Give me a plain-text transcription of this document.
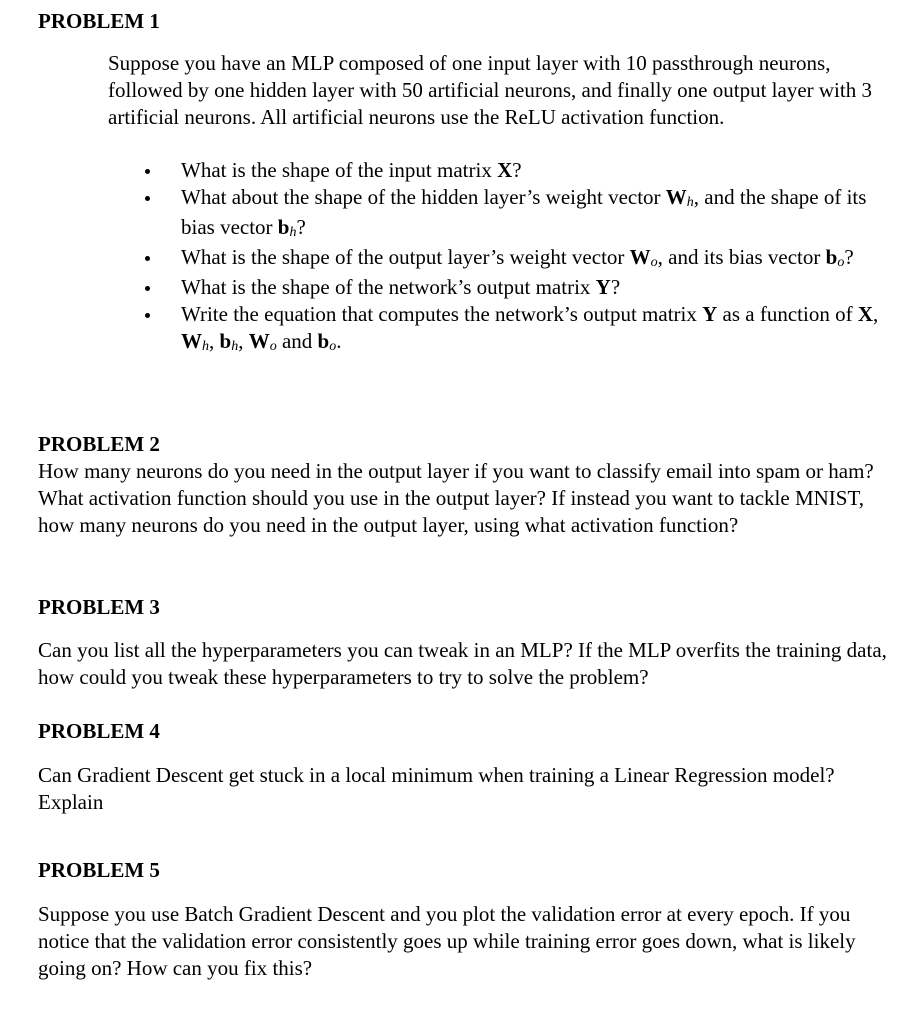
PROBLEM 1

Suppose you have an MLP composed of one input layer with 10 passthrough neurons, followed by one hidden layer with 50 artificial neurons, and finally one output layer with 3 artificial neurons. All artificial neurons use the ReLU activation function.

What is the shape of the input matrix X?
What about the shape of the hidden layer’s weight vector Wh, and the shape of its bias vector bh?
What is the shape of the output layer’s weight vector Wo, and its bias vector bo?
What is the shape of the network’s output matrix Y?
Write the equation that computes the network’s output matrix Y as a function of X, Wh, bh, Wo and bo.
PROBLEM 2

How many neurons do you need in the output layer if you want to classify email into spam or ham? What activation function should you use in the output layer? If instead you want to tackle MNIST, how many neurons do you need in the output layer, using what activation function?

PROBLEM 3

Can you list all the hyperparameters you can tweak in an MLP? If the MLP overfits the training data, how could you tweak these hyperparameters to try to solve the problem?

PROBLEM 4

Can Gradient Descent get stuck in a local minimum when training a Linear Regression model? Explain

PROBLEM 5

Suppose you use Batch Gradient Descent and you plot the validation error at every epoch. If you notice that the validation error consistently goes up while training error goes down, what is likely going on? How can you fix this?
